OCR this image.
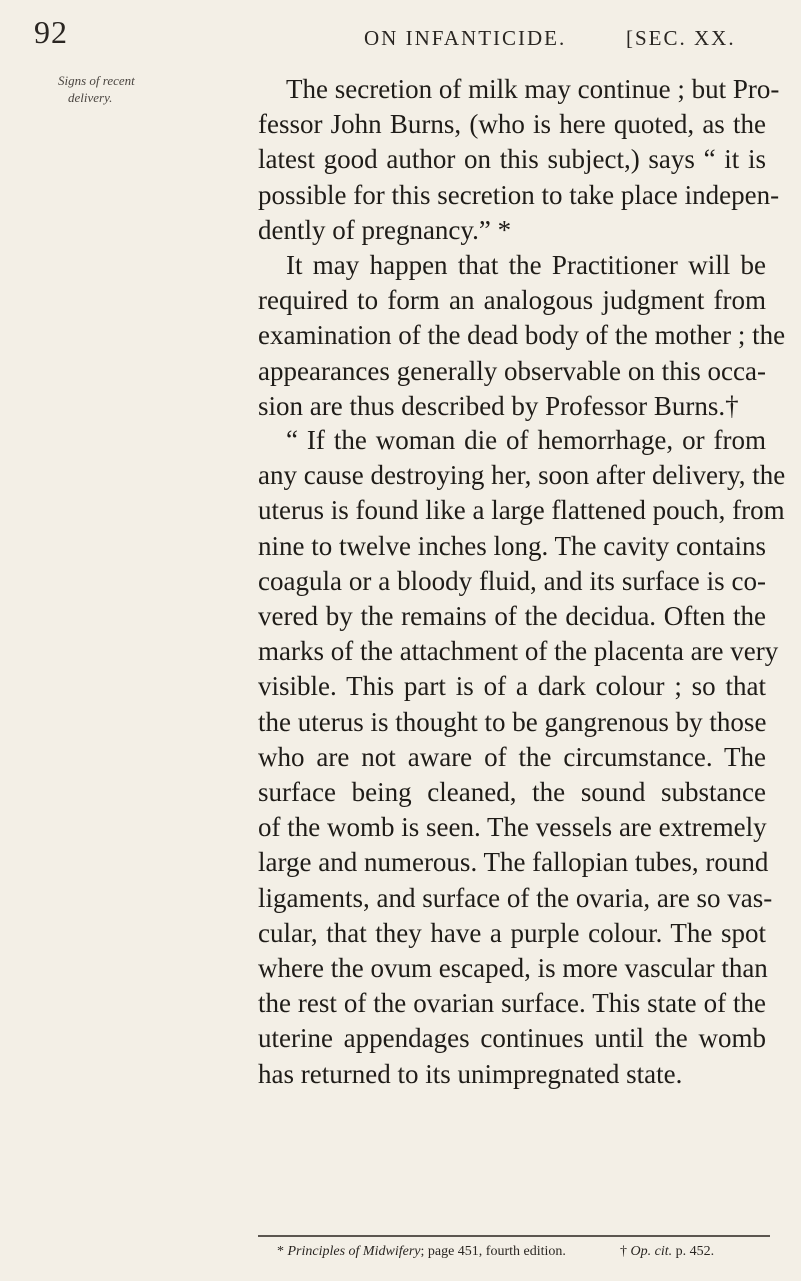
92	ON INFANTICIDE.	[SEC. XX.
Signs of recent
delivery.	The secretion of milk may continue ; but Pro-
fessor John Burns, (who is here quoted, as the
latest good author on this subject,) says “ it is
possible for this secretion to take place indepen-
dently of pregnancy.” *
It may happen that the Practitioner will be
required to form an analogous judgment from
examination of the dead body of the mother ; the
appearances generally observable on this occa-
sion are thus described by Professor Burns.†
“ If the woman die of hemorrhage, or from
any cause destroying her, soon after delivery, the
uterus is found like a large flattened pouch, from
nine to twelve inches long. The cavity contains
coagula or a bloody fluid, and its surface is co-
vered by the remains of the decidua. Often the
marks of the attachment of the placenta are very
visible. This part is of a dark colour ; so that
the uterus is thought to be gangrenous by those
who are not aware of the circumstance. The
surface being cleaned, the sound substance
of the womb is seen. The vessels are extremely
large and numerous. The fallopian tubes, round
ligaments, and surface of the ovaria, are so vas-
cular, that they have a purple colour. The spot
where the ovum escaped, is more vascular than
the rest of the ovarian surface. This state of the
uterine appendages continues until the womb
has returned to its unimpregnated state.
* Principles of Midwifery; page 451, fourth edition.	† Op. cit. p. 452.
